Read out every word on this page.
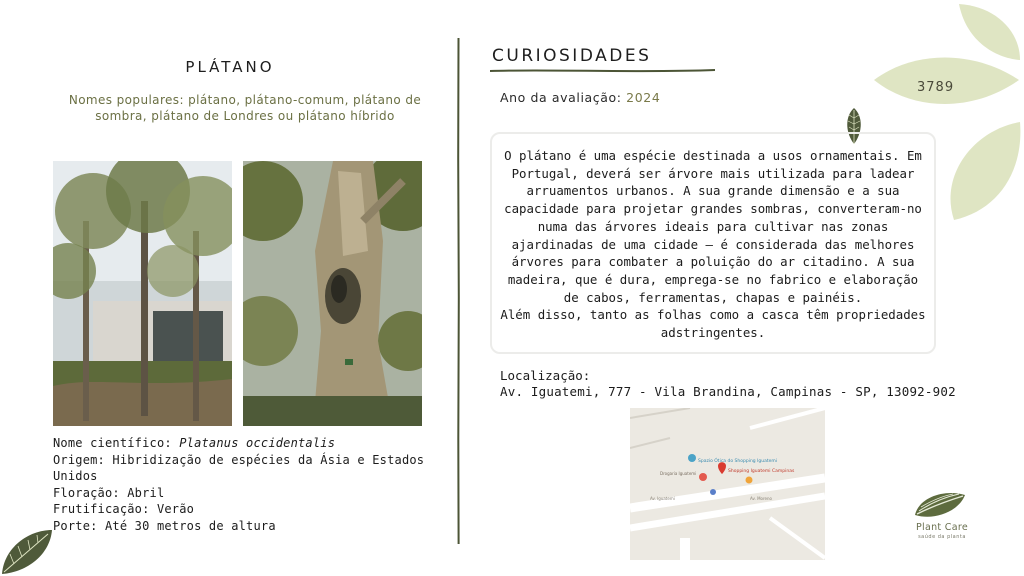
PLÁTANO
Nomes populares: plátano, plátano-comum, plátano de sombra, plátano de Londres ou plátano híbrido
Nome científico: Platanus occidentalis
Origem: Hibridização de espécies da Ásia e Estados Unidos
Floração: Abril
Frutificação: Verão
Porte: Até 30 metros de altura
CURIOSIDADES
Ano da avaliação: 2024
3789
O plátano é uma espécie destinada a usos ornamentais. Em Portugal, deverá ser árvore mais utilizada para ladear arruamentos urbanos. A sua grande dimensão e a sua capacidade para projetar grandes sombras, converteram-no numa das árvores ideais para cultivar nas zonas ajardinadas de uma cidade – é considerada das melhores árvores para combater a poluição do ar citadino. A sua madeira, que é dura, emprega-se no fabrico e elaboração de cabos, ferramentas, chapas e painéis.
Além disso, tanto as folhas como a casca têm propriedades adstringentes.
Localização:
Av. Iguatemi, 777 - Vila Brandina, Campinas - SP, 13092-902
Spazio Ótica do Shopping Iguatemi
Shopping Iguatemi Campinas
Drogaria Iguatemi
Av. Iguatemi	Av. Moreno
Plant Care
saúde da planta
